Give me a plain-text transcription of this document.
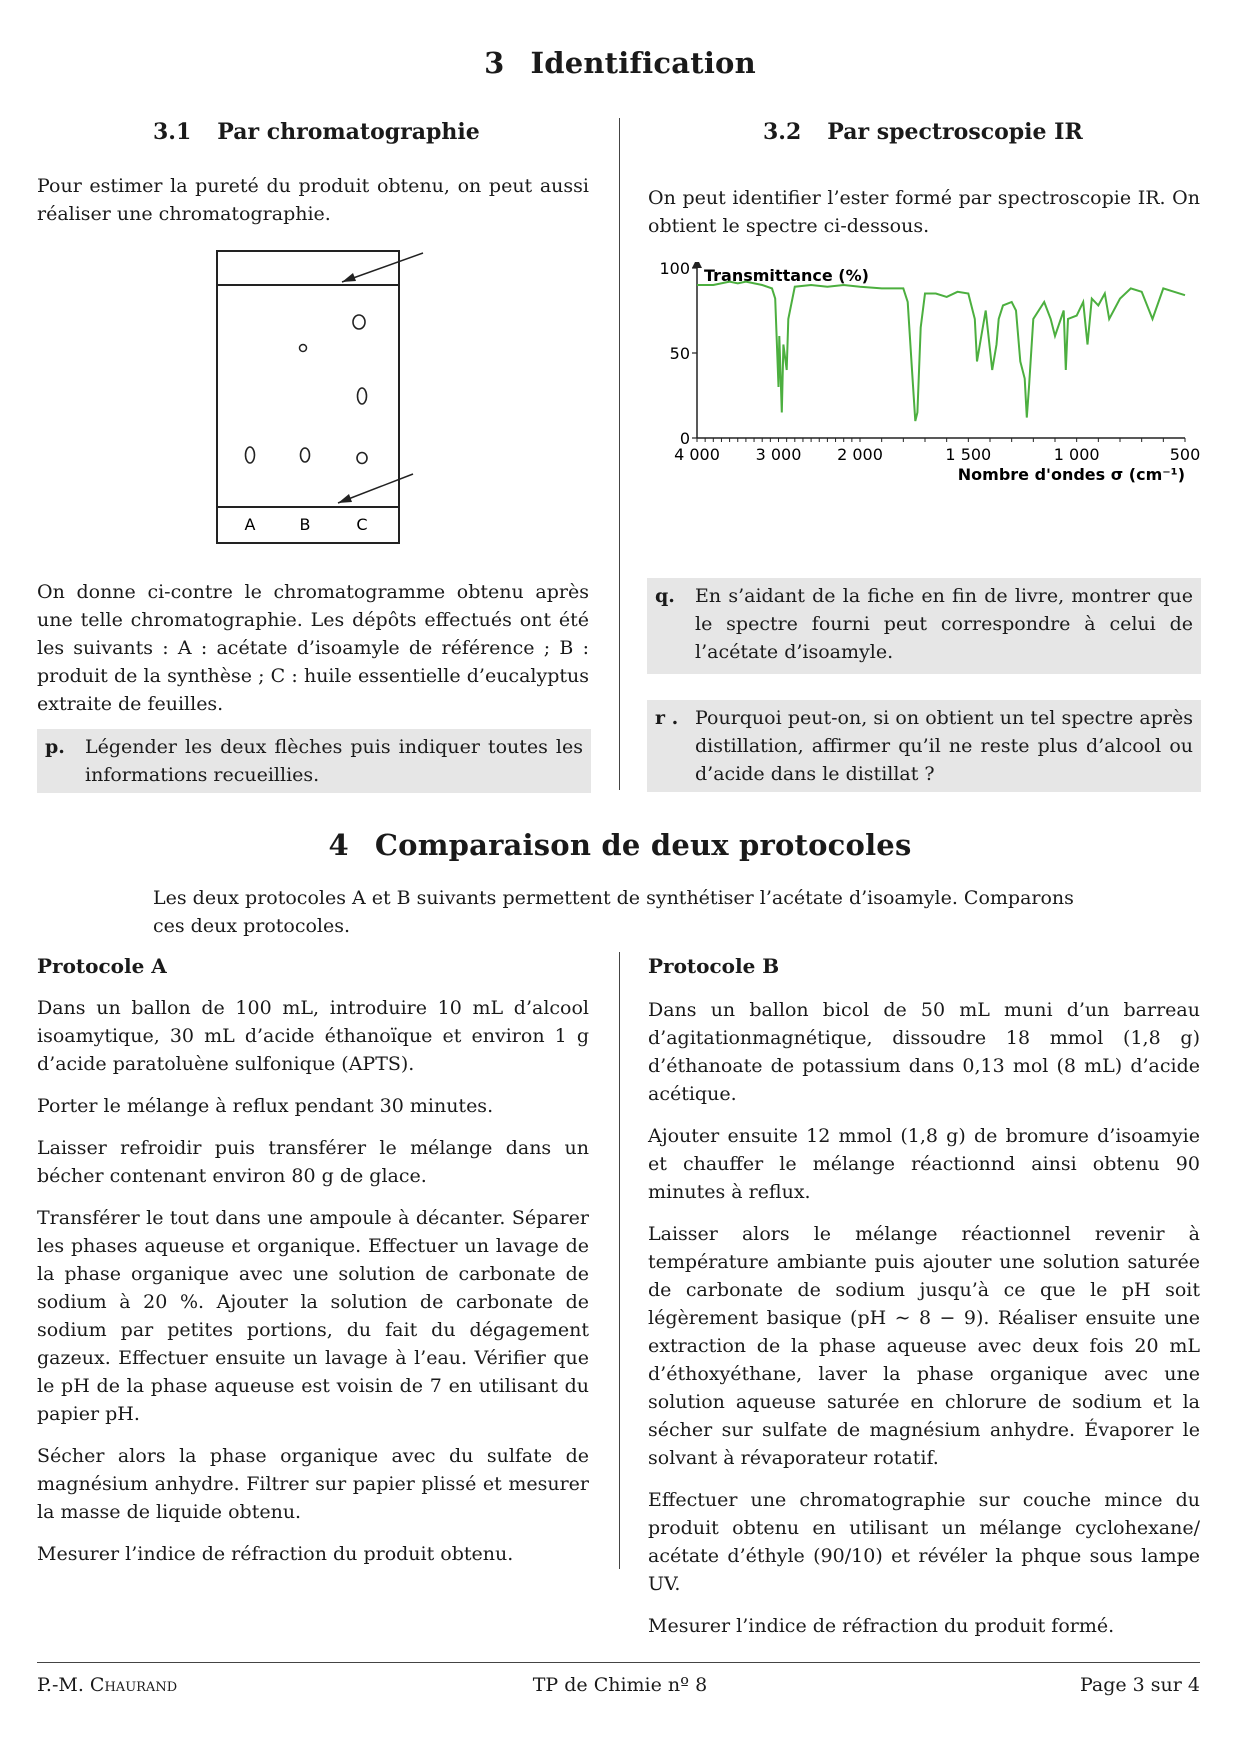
3 Identification
3.1 Par chromatographie

Pour estimer la pureté du produit obtenu, on peut aussi réaliser une chromatographie.

A	B	C

On donne ci-contre le chromatogramme obtenu après une telle chromatographie. Les dépôts effectués ont été les suivants : A : acétate d’isoamyle de référence ; B : produit de la synthèse ; C : huile essentielle d’eucalyptus extraite de feuilles.

p. Légender les deux flèches puis indiquer toutes les informations recueillies.
3.2 Par spectroscopie IR

On peut identifier l’ester formé par spectroscopie IR. On obtient le spectre ci-dessous.

100
50
0
4 000 3 000 2 000	1 500	1 000	500
Transmittance (%)
Nombre d'ondes σ (cm⁻¹)
q. En s’aidant de la fiche en fin de livre, montrer que le spectre fourni peut correspondre à celui de l’acétate d’isoamyle.
r . Pourquoi peut-on, si on obtient un tel spectre après distillation, affirmer qu’il ne reste plus d’alcool ou d’acide dans le distillat ?
4 Comparaison de deux protocoles

Les deux protocoles A et B suivants permettent de synthétiser l’acétate d’isoamyle. Comparons ces deux protocoles.

Protocole A

Dans un ballon de 100 mL, introduire 10 mL d’alcool isoamytique, 30 mL d’acide éthanoïque et environ 1 g d’acide paratoluène sulfonique (APTS).

Porter le mélange à reflux pendant 30 minutes.

Laisser refroidir puis transférer le mélange dans un bécher contenant environ 80 g de glace.

Transférer le tout dans une ampoule à décanter. Séparer les phases aqueuse et organique. Effectuer un lavage de la phase organique avec une solution de carbonate de sodium à 20 %. Ajouter la solution de carbonate de sodium par petites portions, du fait du dégagement gazeux. Effectuer ensuite un lavage à l’eau. Vérifier que le pH de la phase aqueuse est voisin de 7 en utilisant du papier pH.

Sécher alors la phase organique avec du sulfate de magnésium anhydre. Filtrer sur papier plissé et mesurer la masse de liquide obtenu.

Mesurer l’indice de réfraction du produit obtenu.

Protocole B

Dans un ballon bicol de 50 mL muni d’un barreau d’agitationmagnétique, dissoudre 18 mmol (1,8 g) d’éthanoate de potassium dans 0,13 mol (8 mL) d’acide acétique.

Ajouter ensuite 12 mmol (1,8 g) de bromure d’isoamyie et chauffer le mélange réactionnd ainsi obtenu 90 minutes à reflux.

Laisser alors le mélange réactionnel revenir à température ambiante puis ajouter une solution saturée de carbonate de sodium jusqu’à ce que le pH soit légèrement basique (pH ∼ 8 − 9). Réaliser ensuite une extraction de la phase aqueuse avec deux fois 20 mL d’éthoxyéthane, laver la phase organique avec une solution aqueuse saturée en chlorure de sodium et la sécher sur sulfate de magnésium anhydre. Évaporer le solvant à révaporateur rotatif.

Effectuer une chromatographie sur couche mince du produit obtenu en utilisant un mélange cyclohexane/ acétate d’éthyle (90/10) et révéler la phque sous lampe UV.

Mesurer l’indice de réfraction du produit formé.

P.-M. Chaurand	TP de Chimie nº 8	Page 3 sur 4
